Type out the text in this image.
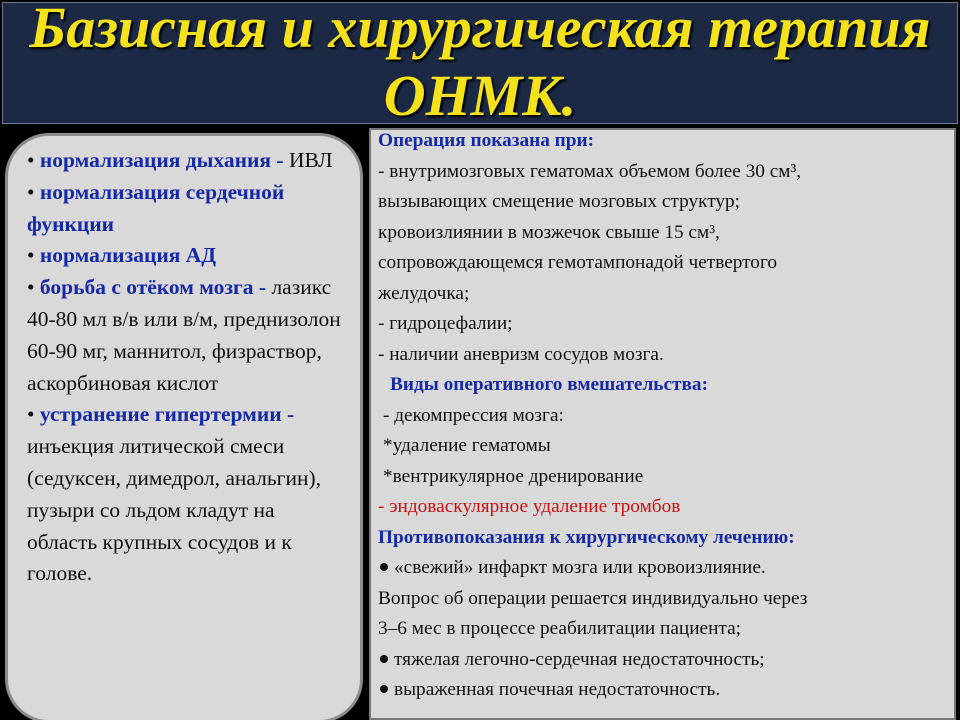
Базисная и хирургическая терапия ОНМК.
• нормализация дыхания - ИВЛ
• нормализация сердечной функции
• нормализация АД
• борьба с отёком мозга - лазикс 40-80 мл в/в или в/м, преднизолон 60-90 мг, маннитол, физраствор, аскорбиновая кислот
• устранение гипертермии - инъекция литической смеси (седуксен, димедрол, анальгин), пузыри со льдом кладут на область крупных сосудов и к голове.

Операция показана при:

- внутримозговых гематомах объемом более 30 см³,

вызывающих смещение мозговых структур;

кровоизлиянии в мозжечок свыше 15 см³,

сопровождающемся гемотампонадой четвертого

желудочка;

- гидроцефалии;

- наличии аневризм сосудов мозга.

Виды оперативного вмешательства:

- декомпрессия мозга:

*удаление гематомы

*вентрикулярное дренирование

- эндоваскулярное удаление тромбов

Противопоказания к хирургическому лечению:

«свежий» инфаркт мозга или кровоизлияние.

Вопрос об операции решается индивидуально через

3–6 мес в процессе реабилитации пациента;

тяжелая легочно-сердечная недостаточность;

выраженная почечная недостаточность.
